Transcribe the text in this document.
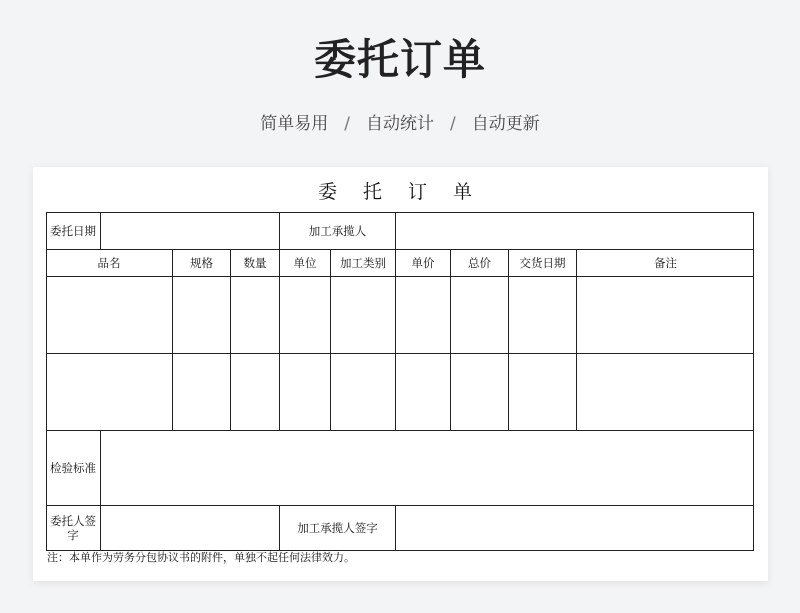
委托订单
简单易用 / 自动统计 / 自动更新
委 托 订 单
委托日期	加工承揽人
品名	规格	数量	单位	加工类别	单价	总价	交货日期	备注
检验标准
委托人签字	加工承揽人签字
注：本单作为劳务分包协议书的附件，单独不起任何法律效力。
